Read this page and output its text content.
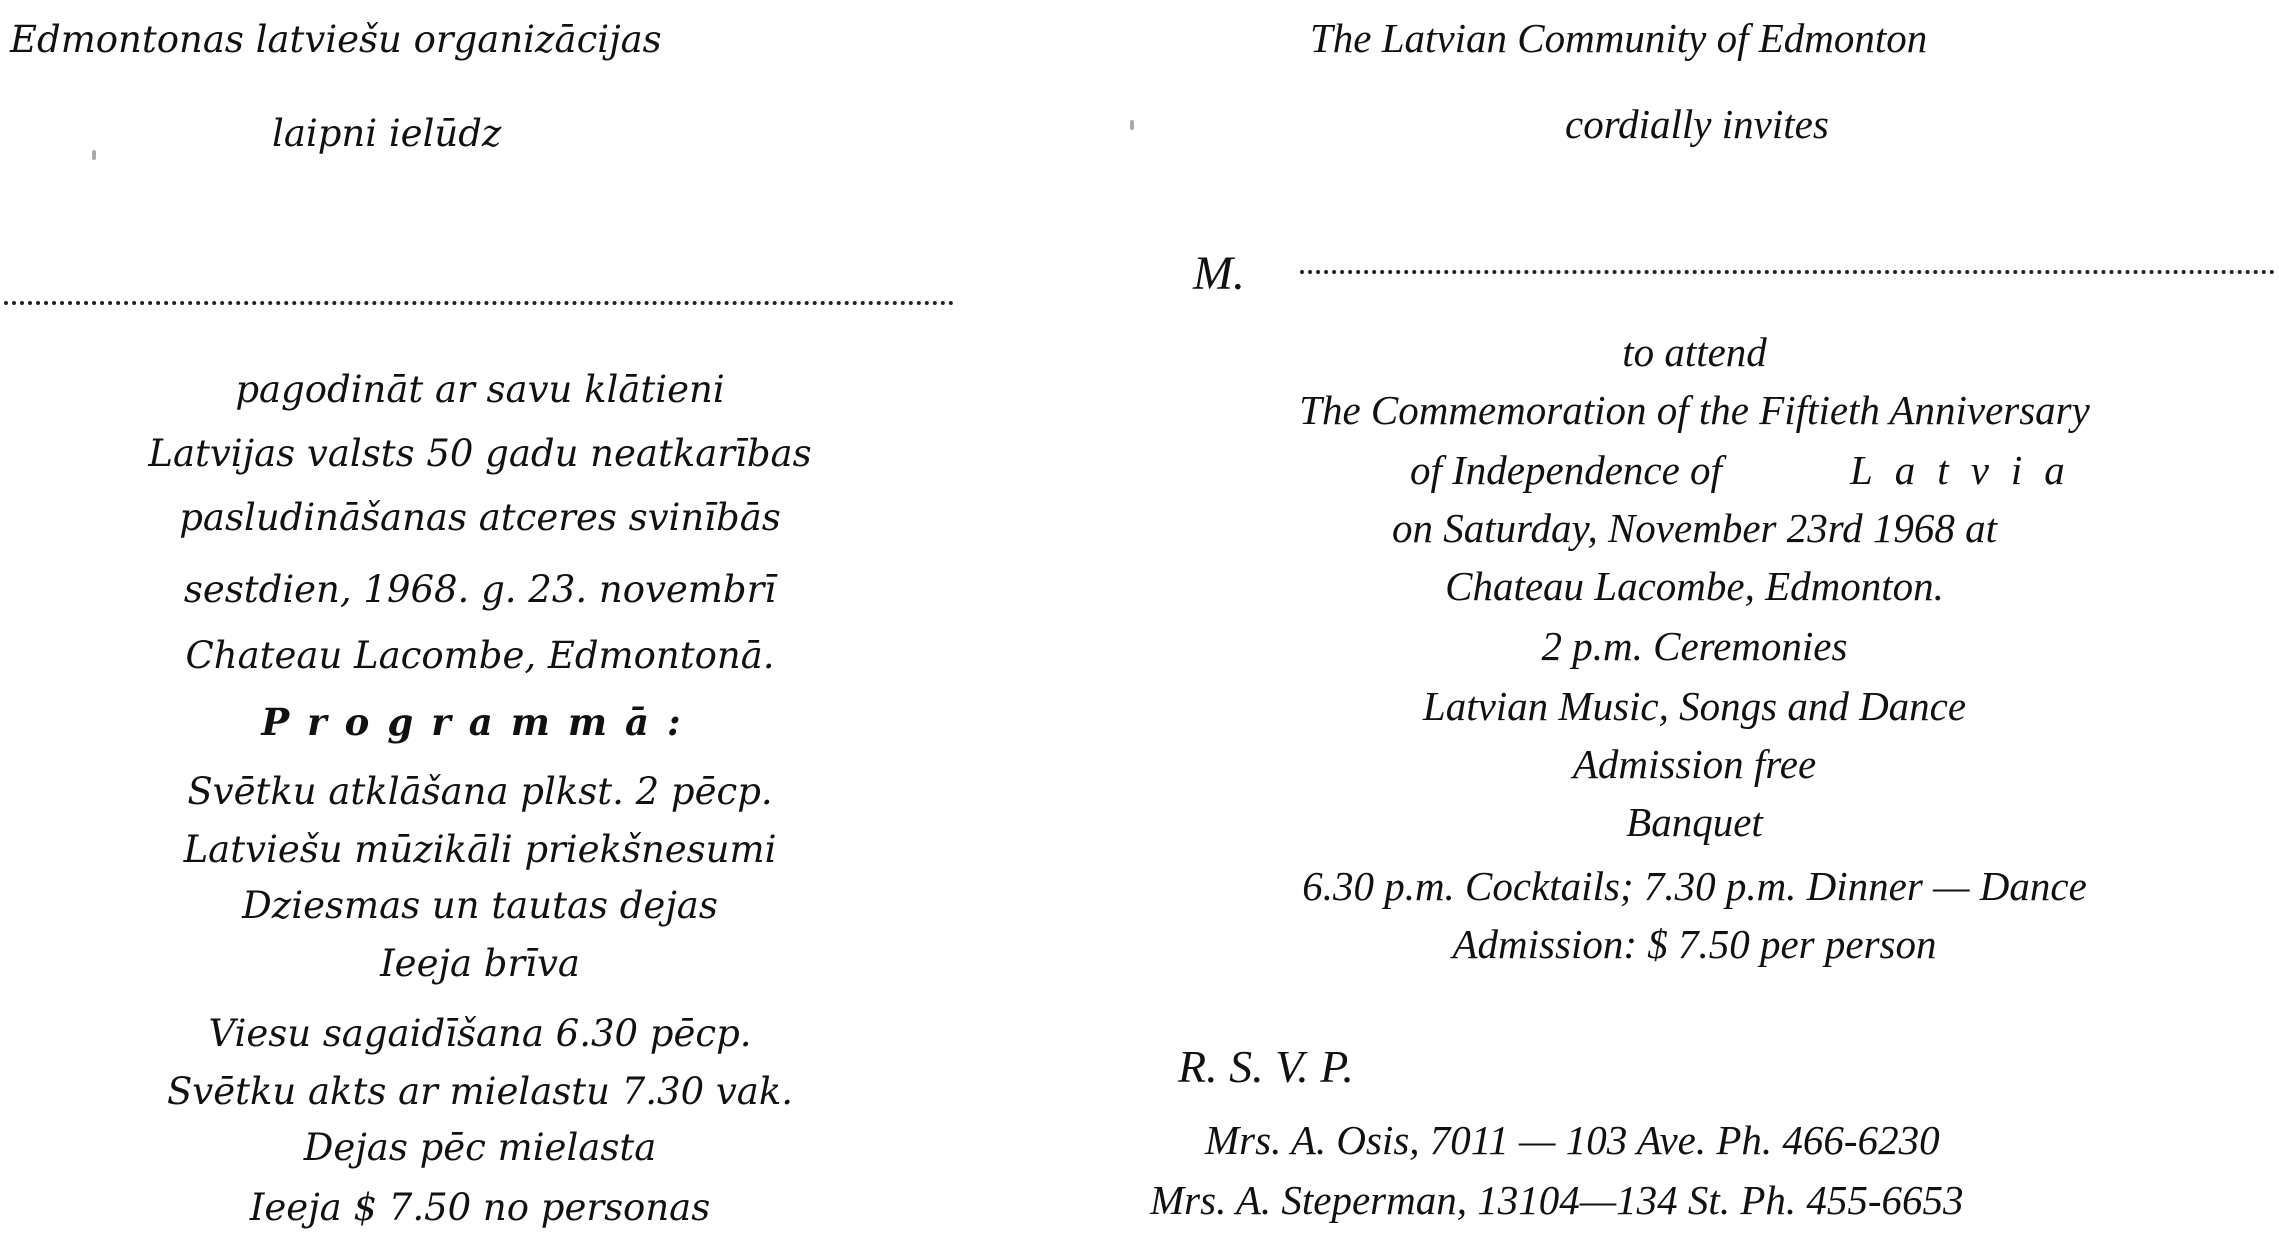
Edmontonas latviešu organizācijas
laipni ielūdz
pagodināt ar savu klātieni
Latvijas valsts 50 gadu neatkarības
pasludināšanas atceres svinībās
sestdien, 1968. g. 23. novembrī
Chateau Lacombe, Edmontonā.
Programmā:
Svētku atklāšana plkst. 2 pēcp.
Latviešu mūzikāli priekšnesumi
Dziesmas un tautas dejas
Ieeja brīva
Viesu sagaidīšana 6.30 pēcp.
Svētku akts ar mielastu 7.30 vak.
Dejas pēc mielasta
Ieeja $ 7.50 no personas
The Latvian Community of Edmonton
cordially invites
M.
to attend
The Commemoration of the Fiftieth Anniversary
of Independence of	Latvia
on Saturday, November 23rd 1968 at
Chateau Lacombe, Edmonton.
2 p.m. Ceremonies
Latvian Music, Songs and Dance
Admission free
Banquet
6.30 p.m. Cocktails; 7.30 p.m. Dinner — Dance
Admission: $ 7.50 per person
R. S. V. P.
Mrs. A. Osis, 7011 — 103 Ave. Ph. 466-6230
Mrs. A. Steperman, 13104—134 St. Ph. 455-6653
